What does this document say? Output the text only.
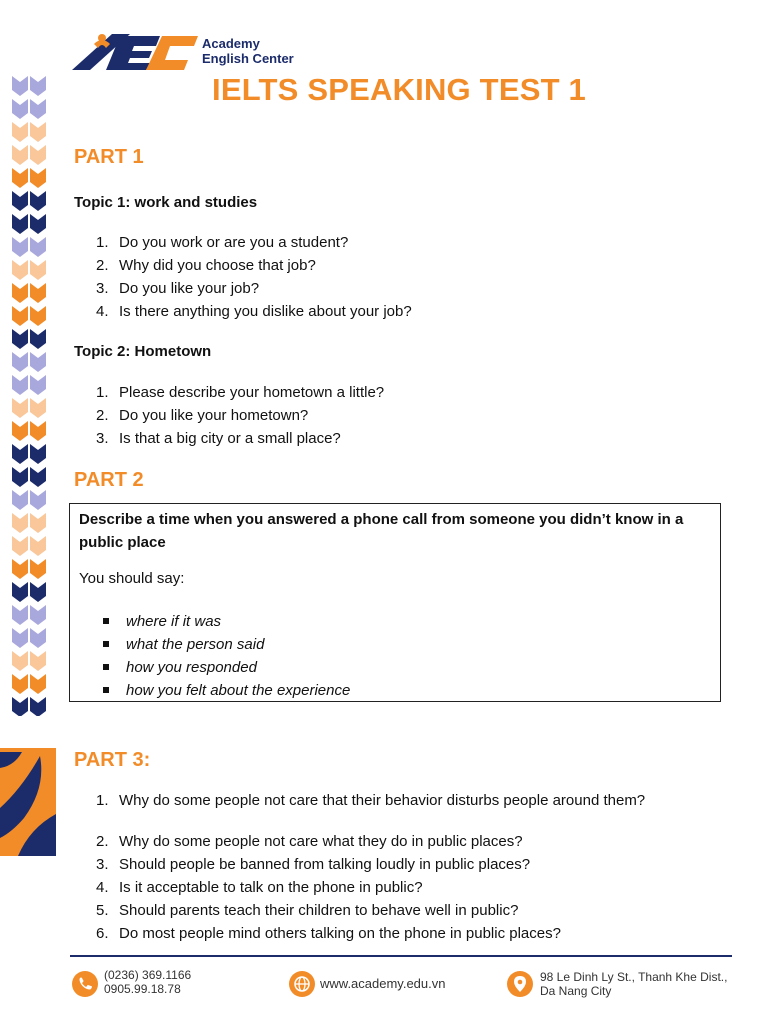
Academy
English Center
IELTS SPEAKING TEST 1
PART 1
Topic 1: work and studies
1. Do you work or are you a student?
2. Why did you choose that job?
3. Do you like your job?
4. Is there anything you dislike about your job?
Topic 2: Hometown
1. Please describe your hometown a little?
2. Do you like your hometown?
3. Is that a big city or a small place?
PART 2

Describe a time when you answered a phone call from someone you didn’t know in a public place

You should say:

where if it was
what the person said
how you responded
how you felt about the experience
PART 3:
1. Why do some people not care that their behavior disturbs people around them?
2. Why do some people not care what they do in public places?
3. Should people be banned from talking loudly in public places?
4. Is it acceptable to talk on the phone in public?
5. Should parents teach their children to behave well in public?
6. Do most people mind others talking on the phone in public places?
(0236) 369.1166
0905.99.18.78	www.academy.edu.vn	98 Le Dinh Ly St., Thanh Khe Dist.,
Da Nang City
